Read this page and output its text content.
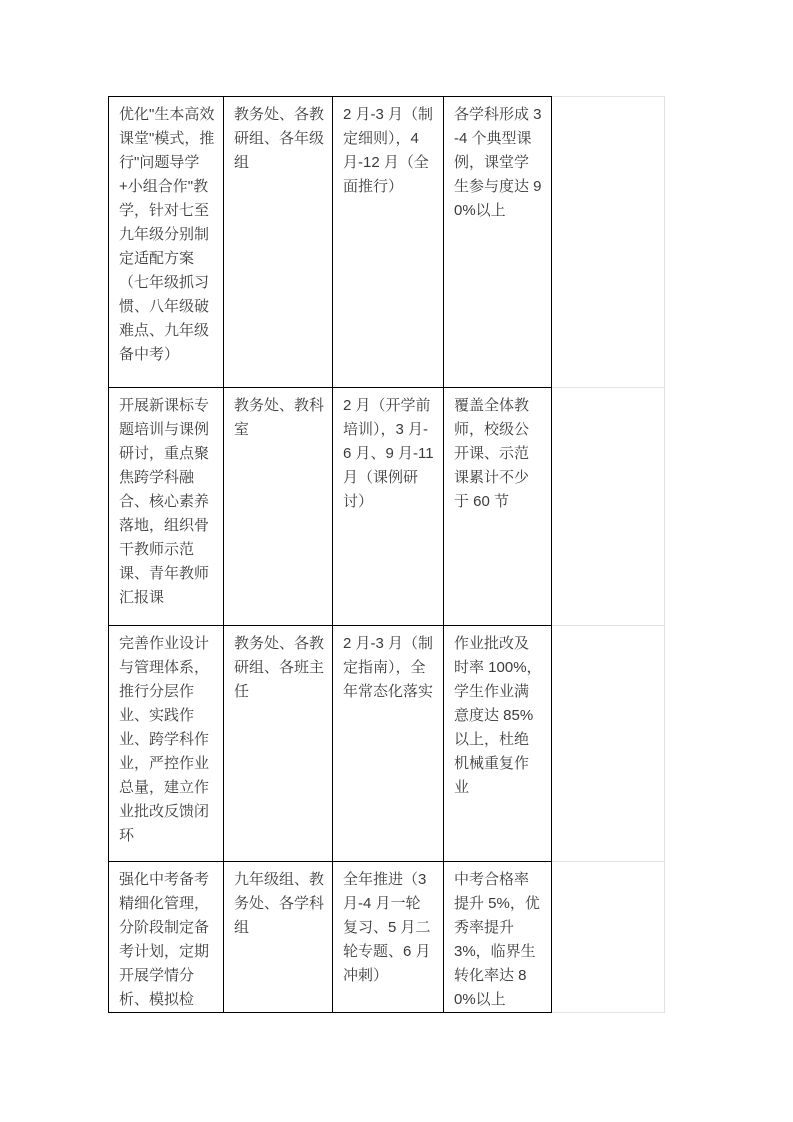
优化"生本高效课堂"模式，推行"问题导学+小组合作"教学，针对七至九年级分别制定适配方案（七年级抓习惯、八年级破难点、九年级备中考）	教务处、各教研组、各年级组	2 月-3 月（制定细则），4 月-12 月（全面推行）	各学科形成 3-4 个典型课例，课堂学生参与度达 90%以上	
开展新课标专题培训与课例研讨，重点聚焦跨学科融合、核心素养落地，组织骨干教师示范课、青年教师汇报课	教务处、教科室	2 月（开学前培训），3 月-6 月、9 月-11 月（课例研讨）	覆盖全体教师，校级公开课、示范课累计不少于 60 节	
完善作业设计与管理体系，推行分层作业、实践作业、跨学科作业，严控作业总量，建立作业批改反馈闭环	教务处、各教研组、各班主任	2 月-3 月（制定指南），全年常态化落实	作业批改及时率 100%，学生作业满意度达 85%以上，杜绝机械重复作业	
强化中考备考精细化管理，分阶段制定备考计划，定期开展学情分析、模拟检	九年级组、教务处、各学科组	全年推进（3 月-4 月一轮复习、5 月二轮专题、6 月冲刺）	中考合格率提升 5%，优秀率提升 3%，临界生转化率达 80%以上	
